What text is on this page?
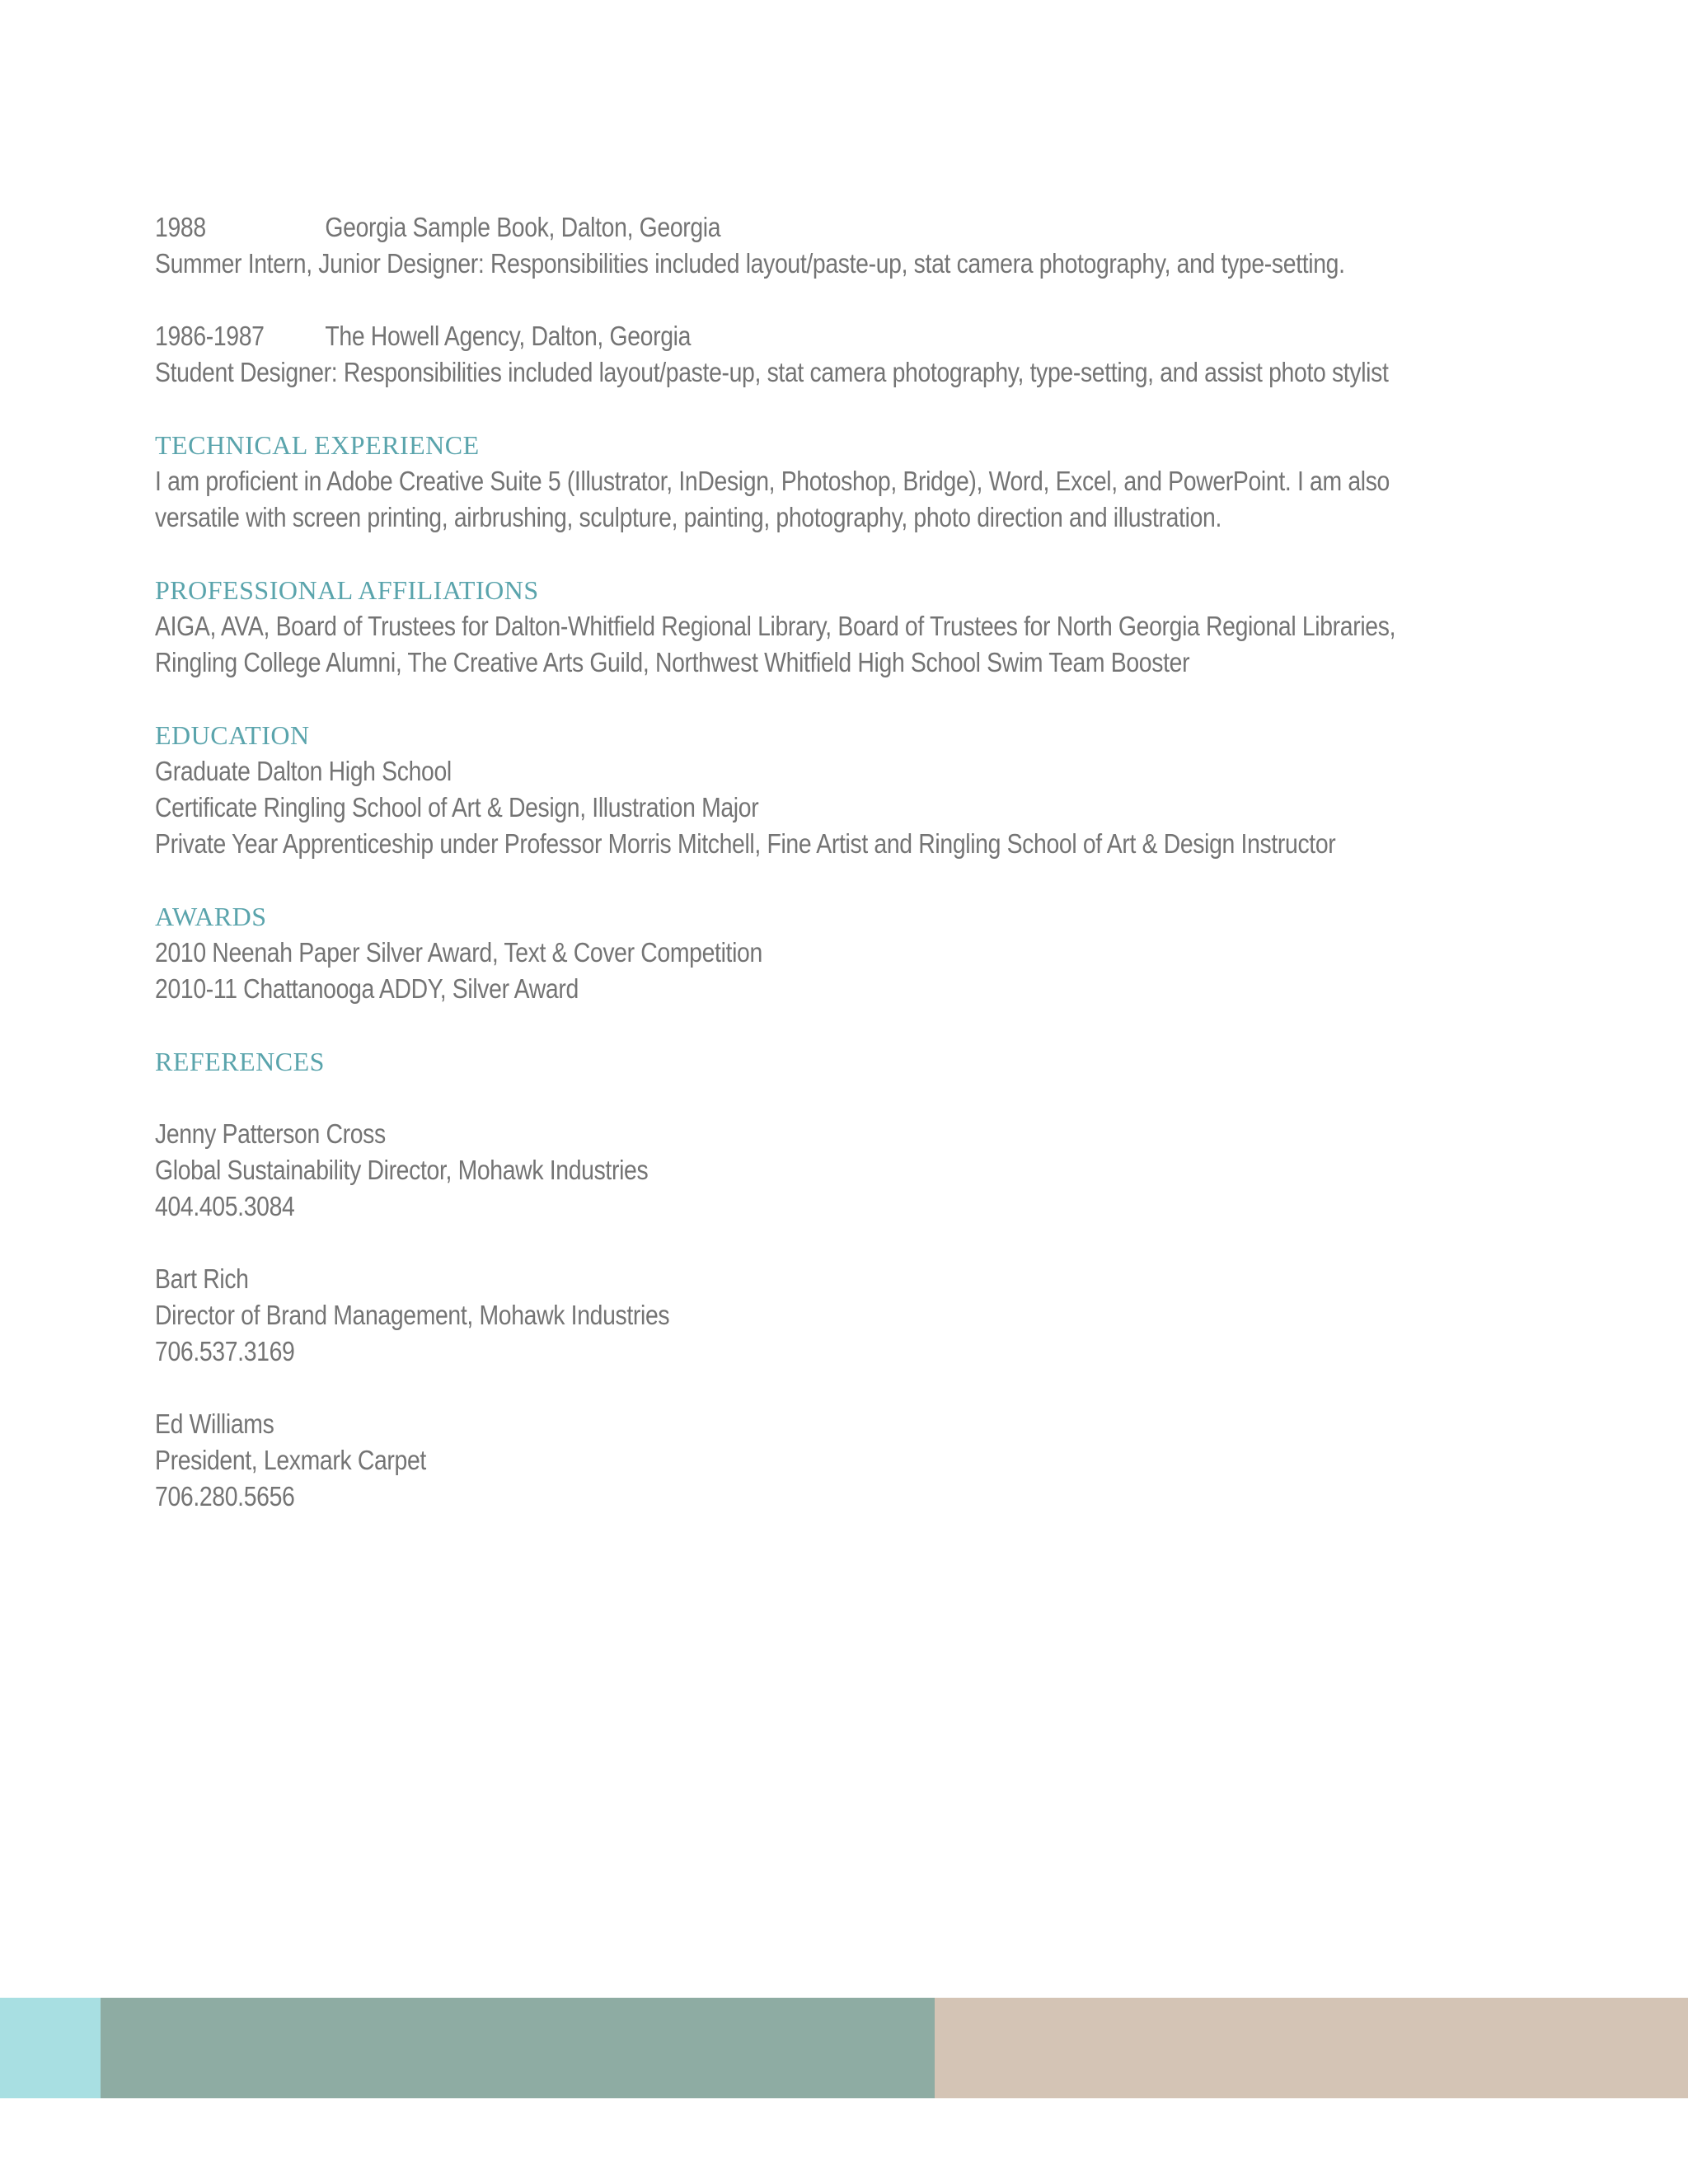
1988	Georgia Sample Book, Dalton, Georgia
Summer Intern, Junior Designer: Responsibilities included layout/paste-up, stat camera photography, and type-setting.
1986-1987 The Howell Agency, Dalton, Georgia
Student Designer: Responsibilities included layout/paste-up, stat camera photography, type-setting, and assist photo stylist
TECHNICAL EXPERIENCE
I am proficient in Adobe Creative Suite 5 (Illustrator, InDesign, Photoshop, Bridge), Word, Excel, and PowerPoint. I am also
versatile with screen printing, airbrushing, sculpture, painting, photography, photo direction and illustration.
PROFESSIONAL AFFILIATIONS
AIGA, AVA, Board of Trustees for Dalton-Whitfield Regional Library, Board of Trustees for North Georgia Regional Libraries,
Ringling College Alumni, The Creative Arts Guild, Northwest Whitfield High School Swim Team Booster
EDUCATION
Graduate Dalton High School
Certificate Ringling School of Art & Design, Illustration Major
Private Year Apprenticeship under Professor Morris Mitchell, Fine Artist and Ringling School of Art & Design Instructor
AWARDS
2010 Neenah Paper Silver Award, Text & Cover Competition
2010-11 Chattanooga ADDY, Silver Award
REFERENCES
Jenny Patterson Cross
Global Sustainability Director, Mohawk Industries
404.405.3084
Bart Rich
Director of Brand Management, Mohawk Industries
706.537.3169
Ed Williams
President, Lexmark Carpet
706.280.5656
